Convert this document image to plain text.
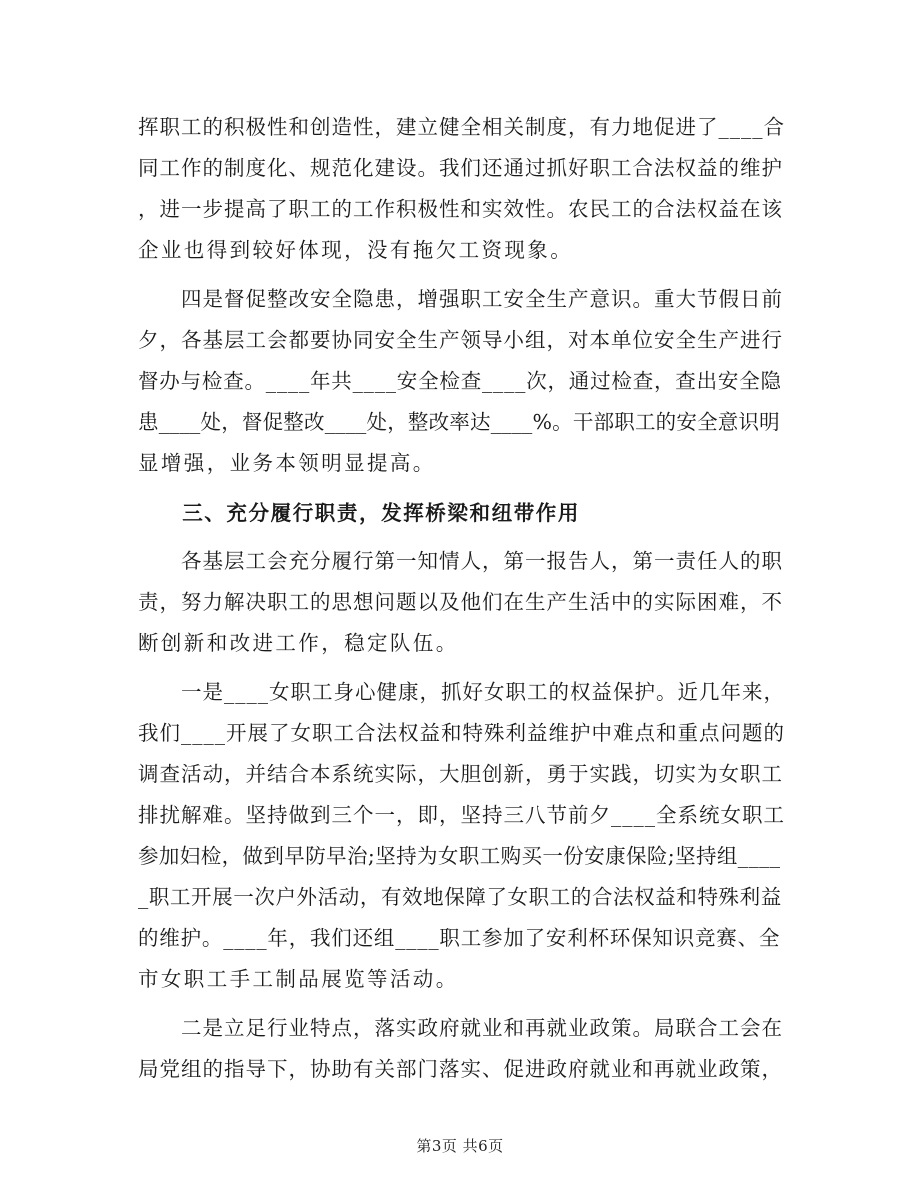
挥职工的积极性和创造性，建立健全相关制度，有力地促进了____合
同工作的制度化、规范化建设。我们还通过抓好职工合法权益的维护
，进一步提高了职工的工作积极性和实效性。农民工的合法权益在该
企业也得到较好体现，没有拖欠工资现象。
　　四是督促整改安全隐患，增强职工安全生产意识。重大节假日前
夕，各基层工会都要协同安全生产领导小组，对本单位安全生产进行
督办与检查。____年共____安全检查____次，通过检查，查出安全隐
患____处，督促整改____处，整改率达____%。干部职工的安全意识明
显增强，业务本领明显提高。
　　三、充分履行职责，发挥桥梁和纽带作用
　　各基层工会充分履行第一知情人，第一报告人，第一责任人的职
责，努力解决职工的思想问题以及他们在生产生活中的实际困难，不
断创新和改进工作，稳定队伍。
　　一是____女职工身心健康，抓好女职工的权益保护。近几年来，
我们____开展了女职工合法权益和特殊利益维护中难点和重点问题的
调查活动，并结合本系统实际，大胆创新，勇于实践，切实为女职工
排扰解难。坚持做到三个一，即，坚持三八节前夕____全系统女职工
参加妇检，做到早防早治;坚持为女职工购买一份安康保险;坚持组____
_职工开展一次户外活动，有效地保障了女职工的合法权益和特殊利益
的维护。____年，我们还组____职工参加了安利杯环保知识竞赛、全
市女职工手工制品展览等活动。
　　二是立足行业特点，落实政府就业和再就业政策。局联合工会在
局党组的指导下，协助有关部门落实、促进政府就业和再就业政策，
第3页 共6页
